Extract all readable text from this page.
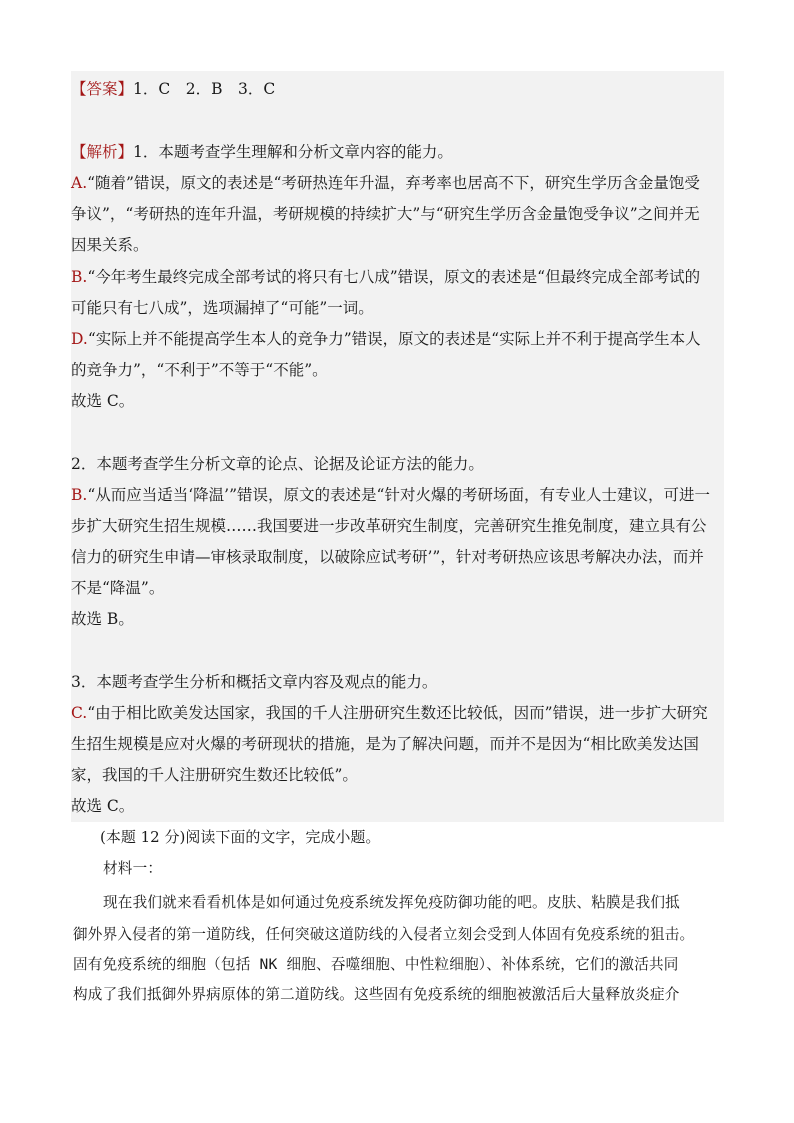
【答案】1．C　2．B　3．C
【解析】1．本题考查学生理解和分析文章内容的能力。
A.“随着”错误，原文的表述是“考研热连年升温，弃考率也居高不下，研究生学历含金量饱受
争议”，“考研热的连年升温，考研规模的持续扩大”与“研究生学历含金量饱受争议”之间并无
因果关系。
B.“今年考生最终完成全部考试的将只有七八成”错误，原文的表述是“但最终完成全部考试的
可能只有七八成”，选项漏掉了“可能”一词。
D.“实际上并不能提高学生本人的竞争力”错误，原文的表述是“实际上并不利于提高学生本人
的竞争力”，“不利于”不等于“不能”。
故选 C。
2．本题考查学生分析文章的论点、论据及论证方法的能力。
B.“从而应当适当‘降温’”错误，原文的表述是“针对火爆的考研场面，有专业人士建议，可进一
步扩大研究生招生规模……我国要进一步改革研究生制度，完善研究生推免制度，建立具有公
信力的研究生申请—审核录取制度，以破除应试考研’”，针对考研热应该思考解决办法，而并
不是“降温”。
故选 B。
3．本题考查学生分析和概括文章内容及观点的能力。
C.“由于相比欧美发达国家，我国的千人注册研究生数还比较低，因而”错误，进一步扩大研究
生招生规模是应对火爆的考研现状的措施，是为了解决问题，而并不是因为“相比欧美发达国
家，我国的千人注册研究生数还比较低”。
故选 C。
(本题 12 分)阅读下面的文字，完成小题。
材料一：
现在我们就来看看机体是如何通过免疫系统发挥免疫防御功能的吧。皮肤、粘膜是我们抵
御外界入侵者的第一道防线，任何突破这道防线的入侵者立刻会受到人体固有免疫系统的狙击。
固有免疫系统的细胞（包括 NK 细胞、吞噬细胞、中性粒细胞）、补体系统，它们的激活共同
构成了我们抵御外界病原体的第二道防线。这些固有免疫系统的细胞被激活后大量释放炎症介
